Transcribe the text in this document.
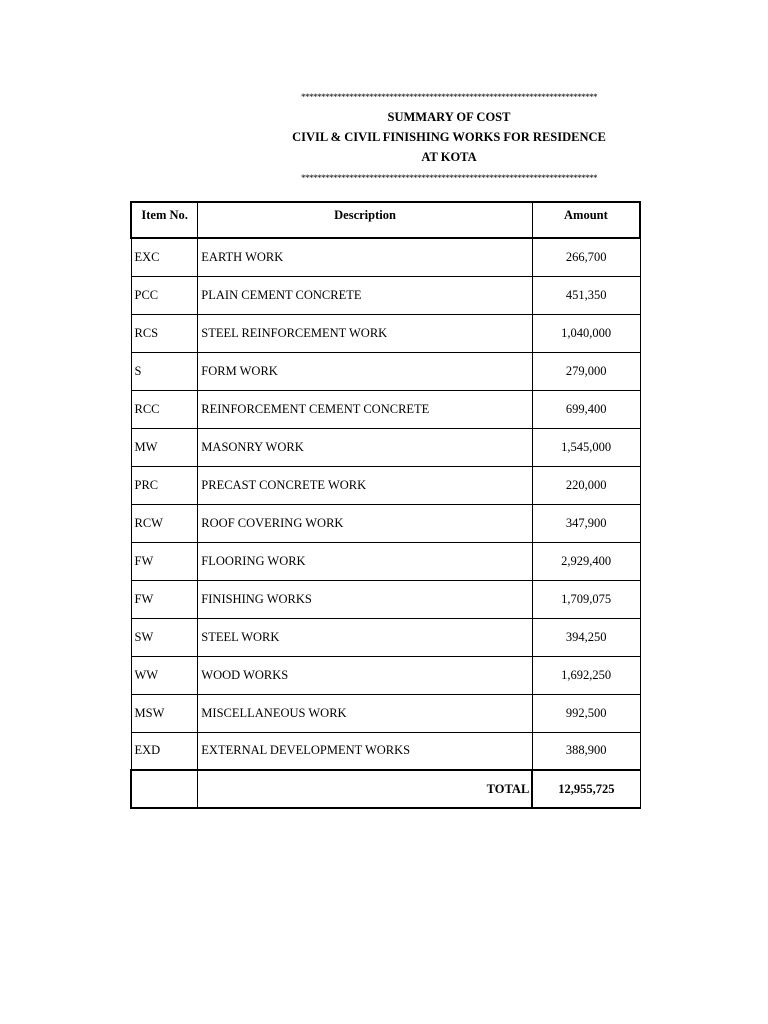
**************************************************************************
SUMMARY OF COST
CIVIL & CIVIL FINISHING WORKS FOR RESIDENCE
AT KOTA
**************************************************************************
Item No.	Description	Amount
EXC	EARTH WORK	266,700
PCC	PLAIN CEMENT CONCRETE	451,350
RCS	STEEL REINFORCEMENT WORK	1,040,000
S	FORM WORK	279,000
RCC	REINFORCEMENT CEMENT CONCRETE	699,400
MW	MASONRY WORK	1,545,000
PRC	PRECAST CONCRETE WORK	220,000
RCW	ROOF COVERING WORK	347,900
FW	FLOORING WORK	2,929,400
FW	FINISHING WORKS	1,709,075
SW	STEEL WORK	394,250
WW	WOOD WORKS	1,692,250
MSW	MISCELLANEOUS WORK	992,500
EXD	EXTERNAL DEVELOPMENT WORKS	388,900
	TOTAL	12,955,725
